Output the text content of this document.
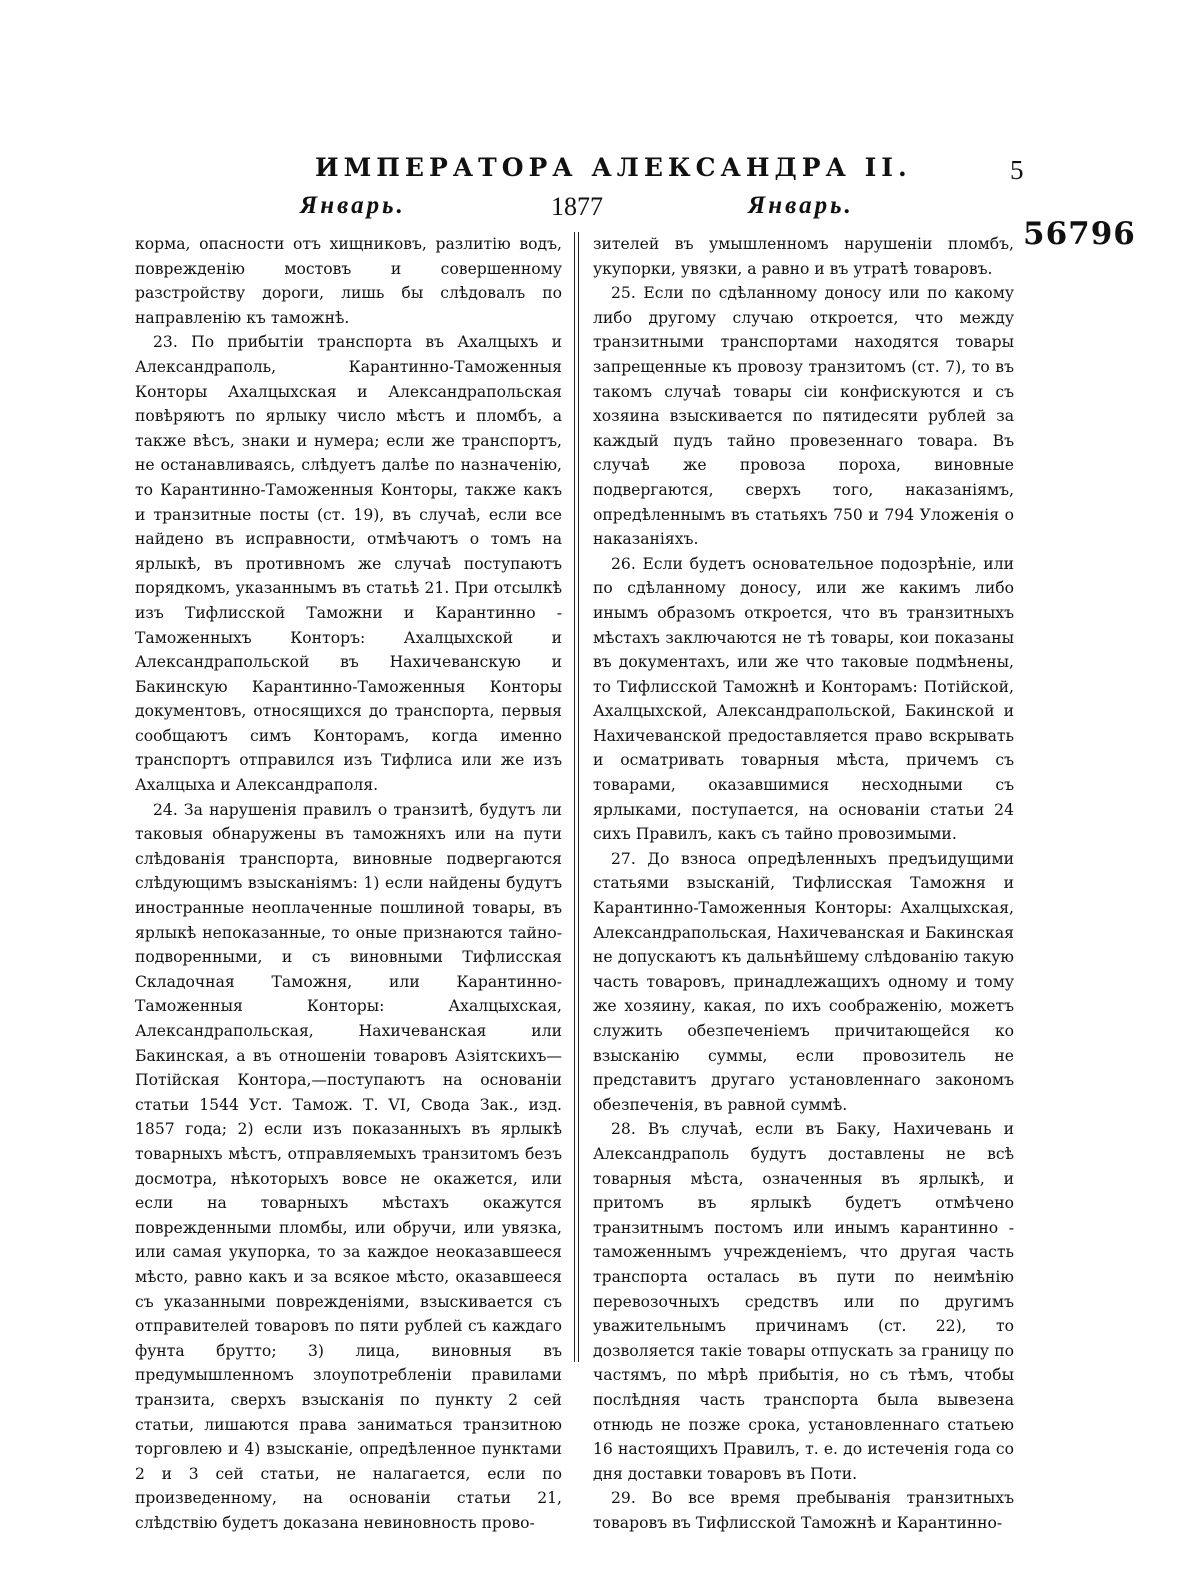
ИМПЕРАТОРА АЛЕКСАНДРА II.	5
Январь.	1877	Январь.
56796

корма, опасности отъ хищниковъ, разлитію водъ, повреждeнію мостовъ и совершенному разстройству дороги, лишь бы слѣдовалъ по направленію къ таможнѣ.

23. По прибытіи транспорта въ Ахалцыхъ и Александраполь, Карантинно-Таможенныя Конторы Ахалцыхская и Александрапольская повѣряютъ по ярлыку число мѣстъ и пломбъ, а также вѣсъ, знаки и нумера; если же транспортъ, не останавливаясь, слѣдуетъ далѣе по назначенію, то Карантинно-Таможенныя Конторы, также какъ и транзитные посты (ст. 19), въ случаѣ, если все найдено въ исправности, отмѣчаютъ о томъ на ярлыкѣ, въ противномъ же случаѣ поступаютъ порядкомъ, указаннымъ въ статьѣ 21. При отсылкѣ изъ Тифлисской Таможни и Карантинно - Таможенныхъ Конторъ: Ахалцыхской и Александрапольской въ Нахичеванскую и Бакинскую Карантинно-Таможенныя Конторы документовъ, относящихся до транспорта, первыя сообщаютъ симъ Конторамъ, когда именно транспортъ отправился изъ Тифлиса или же изъ Ахалцыха и Александраполя.

24. За нарушенія правилъ о транзитѣ, будутъ ли таковыя обнаружены въ таможняхъ или на пути слѣдованія транспорта, виновные подвергаются слѣдующимъ взысканіямъ: 1) если найдены будутъ иностранные неоплаченные пошлиной товары, въ ярлыкѣ непоказанные, то оные признаются тайно-подворенными, и съ виновными Тифлисская Складочная Таможня, или Карантинно-Таможенныя Конторы: Ахалцыхская, Александрапольская, Нахичеванская или Бакинская, а въ отношеніи товаровъ Азіятскихъ—Потійская Контора,—поступаютъ на основаніи статьи 1544 Уст. Тамож. Т. VI, Свода Зак., изд. 1857 года; 2) если изъ показанныхъ въ ярлыкѣ товарныхъ мѣстъ, отправляемыхъ транзитомъ безъ досмотра, нѣкоторыхъ вовсе не окажется, или если на товарныхъ мѣстахъ окажутся поврежденными пломбы, или обручи, или увязка, или самая укупорка, то за каждое неоказавшееся мѣсто, равно какъ и за всякое мѣсто, оказавшееся съ указанными поврежденіями, взыскивается съ отправителей товаровъ по пяти рублей съ каждаго фунта брутто; 3) лица, виновныя въ предумышленномъ злоупотребленіи правилами транзита, сверхъ взысканія по пункту 2 сей статьи, лишаются права заниматься транзитною торговлею и 4) взысканіе, опредѣленное пунктами 2 и 3 сей статьи, не налагается, если по произведенному, на основаніи статьи 21, слѣдствію будетъ доказана невиновность прово-

зителей въ умышленномъ нарушеніи пломбъ, укупорки, увязки, а равно и въ утратѣ товаровъ.

25. Если по сдѣланному доносу или по какому либо другому случаю откроется, что между транзитными транспортами находятся товары запрещенные къ провозу транзитомъ (ст. 7), то въ такомъ случаѣ товары сіи конфискуются и съ хозяина взыскивается по пятидесяти рублей за каждый пудъ тайно провезеннаго товара. Въ случаѣ же провоза пороха, виновные подвергаются, сверхъ того, наказаніямъ, опредѣленнымъ въ статьяхъ 750 и 794 Уложенія о наказаніяхъ.

26. Если будетъ основательное подозрѣніе, или по сдѣланному доносу, или же какимъ либо инымъ образомъ откроется, что въ транзитныхъ мѣстахъ заключаются не тѣ товары, кои показаны въ документахъ, или же что таковые подмѣнены, то Тифлисской Таможнѣ и Конторамъ: Потійской, Ахалцыхской, Александрапольской, Бакинской и Нахичеванской предоставляется право вскрывать и осматривать товарныя мѣста, причемъ съ товарами, оказавшимися несходными съ ярлыками, поступается, на основаніи статьи 24 сихъ Правилъ, какъ съ тайно провозимыми.

27. До взноса опредѣленныхъ предъидущими статьями взысканій, Тифлисская Таможня и Карантинно-Таможенныя Конторы: Ахалцыхская, Александрапольская, Нахичеванская и Бакинская не допускаютъ къ дальнѣйшему слѣдованію такую часть товаровъ, принадлежащихъ одному и тому же хозяину, какая, по ихъ соображенію, можетъ служить обезпеченіемъ причитающейся ко взысканію суммы, если провозитель не представитъ другаго установленнаго закономъ обезпеченія, въ равной суммѣ.

28. Въ случаѣ, если въ Баку, Нахичевань и Александраполь будутъ доставлены не всѣ товарныя мѣста, означенныя въ ярлыкѣ, и притомъ въ ярлыкѣ будетъ отмѣчено транзитнымъ постомъ или инымъ карантинно - таможеннымъ учрежденіемъ, что другая часть транспорта осталась въ пути по неимѣнію перевозочныхъ средствъ или по другимъ уважительнымъ причинамъ (ст. 22), то дозволяется такіе товары отпускать за границу по частямъ, по мѣрѣ прибытія, но съ тѣмъ, чтобы послѣдняя часть транспорта была вывезена отнюдь не позже срока, установленнаго статьею 16 настоящихъ Правилъ, т. е. до истеченія года со дня доставки товаровъ въ Поти.

29. Во все время пребыванія транзитныхъ товаровъ въ Тифлисской Таможнѣ и Карантинно-
